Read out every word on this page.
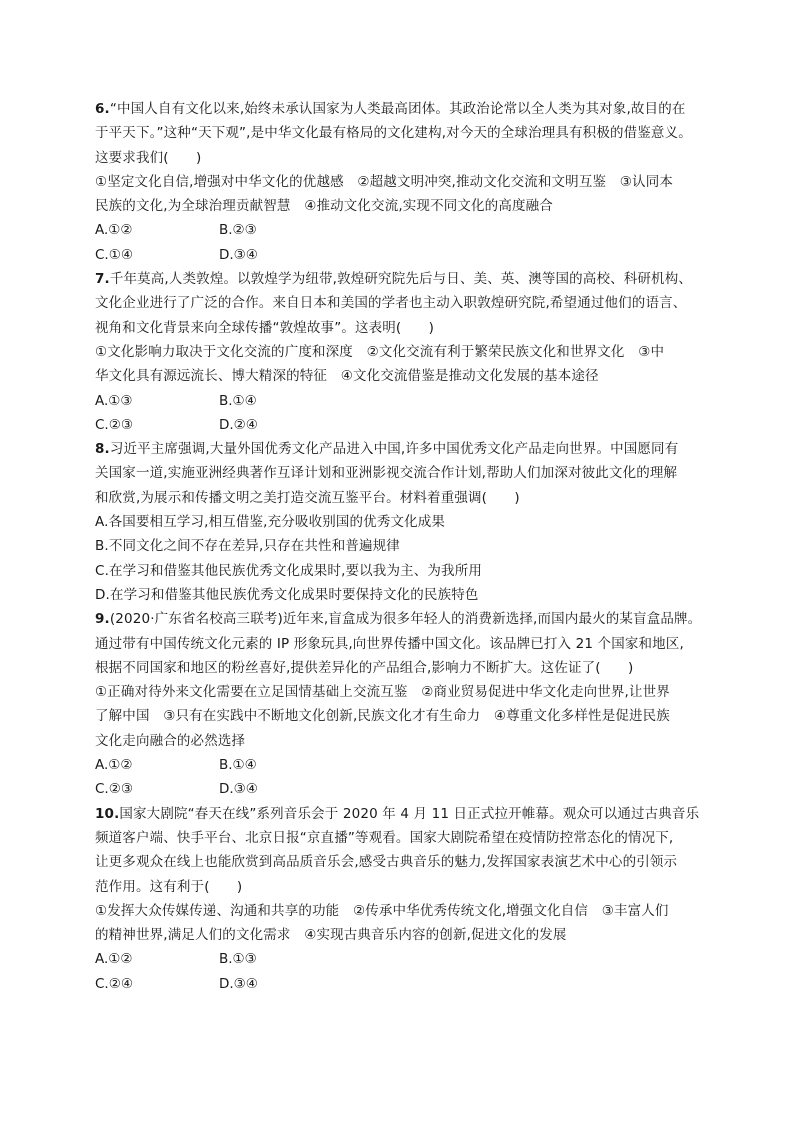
6.“中国人自有文化以来,始终未承认国家为人类最高团体。其政治论常以全人类为其对象,故目的在
于平天下。”这种“天下观”,是中华文化最有格局的文化建构,对今天的全球治理具有积极的借鉴意义。
这要求我们(　　)
①坚定文化自信,增强对中华文化的优越感　②超越文明冲突,推动文化交流和文明互鉴　③认同本
民族的文化,为全球治理贡献智慧　④推动文化交流,实现不同文化的高度融合
A.①②	B.②③
C.①④	D.③④
7.千年莫高,人类敦煌。以敦煌学为纽带,敦煌研究院先后与日、美、英、澳等国的高校、科研机构、
文化企业进行了广泛的合作。来自日本和美国的学者也主动入职敦煌研究院,希望通过他们的语言、
视角和文化背景来向全球传播“敦煌故事”。这表明(　　)
①文化影响力取决于文化交流的广度和深度　②文化交流有利于繁荣民族文化和世界文化　③中
华文化具有源远流长、博大精深的特征　④文化交流借鉴是推动文化发展的基本途径
A.①③	B.①④
C.②③	D.②④
8.习近平主席强调,大量外国优秀文化产品进入中国,许多中国优秀文化产品走向世界。中国愿同有
关国家一道,实施亚洲经典著作互译计划和亚洲影视交流合作计划,帮助人们加深对彼此文化的理解
和欣赏,为展示和传播文明之美打造交流互鉴平台。材料着重强调(　　)
A.各国要相互学习,相互借鉴,充分吸收别国的优秀文化成果
B.不同文化之间不存在差异,只存在共性和普遍规律
C.在学习和借鉴其他民族优秀文化成果时,要以我为主、为我所用
D.在学习和借鉴其他民族优秀文化成果时要保持文化的民族特色
9.(2020·广东省名校高三联考)近年来,盲盒成为很多年轻人的消费新选择,而国内最火的某盲盒品牌。
通过带有中国传统文化元素的 IP 形象玩具,向世界传播中国文化。该品牌已打入 21 个国家和地区,
根据不同国家和地区的粉丝喜好,提供差异化的产品组合,影响力不断扩大。这佐证了(　　)
①正确对待外来文化需要在立足国情基础上交流互鉴　②商业贸易促进中华文化走向世界,让世界
了解中国　③只有在实践中不断地文化创新,民族文化才有生命力　④尊重文化多样性是促进民族
文化走向融合的必然选择
A.①②	B.①④
C.②③	D.③④
10.国家大剧院“春天在线”系列音乐会于 2020 年 4 月 11 日正式拉开帷幕。观众可以通过古典音乐
频道客户端、快手平台、北京日报“京直播”等观看。国家大剧院希望在疫情防控常态化的情况下,
让更多观众在线上也能欣赏到高品质音乐会,感受古典音乐的魅力,发挥国家表演艺术中心的引领示
范作用。这有利于(　　)
①发挥大众传媒传递、沟通和共享的功能　②传承中华优秀传统文化,增强文化自信　③丰富人们
的精神世界,满足人们的文化需求　④实现古典音乐内容的创新,促进文化的发展
A.①②	B.①③
C.②④	D.③④
